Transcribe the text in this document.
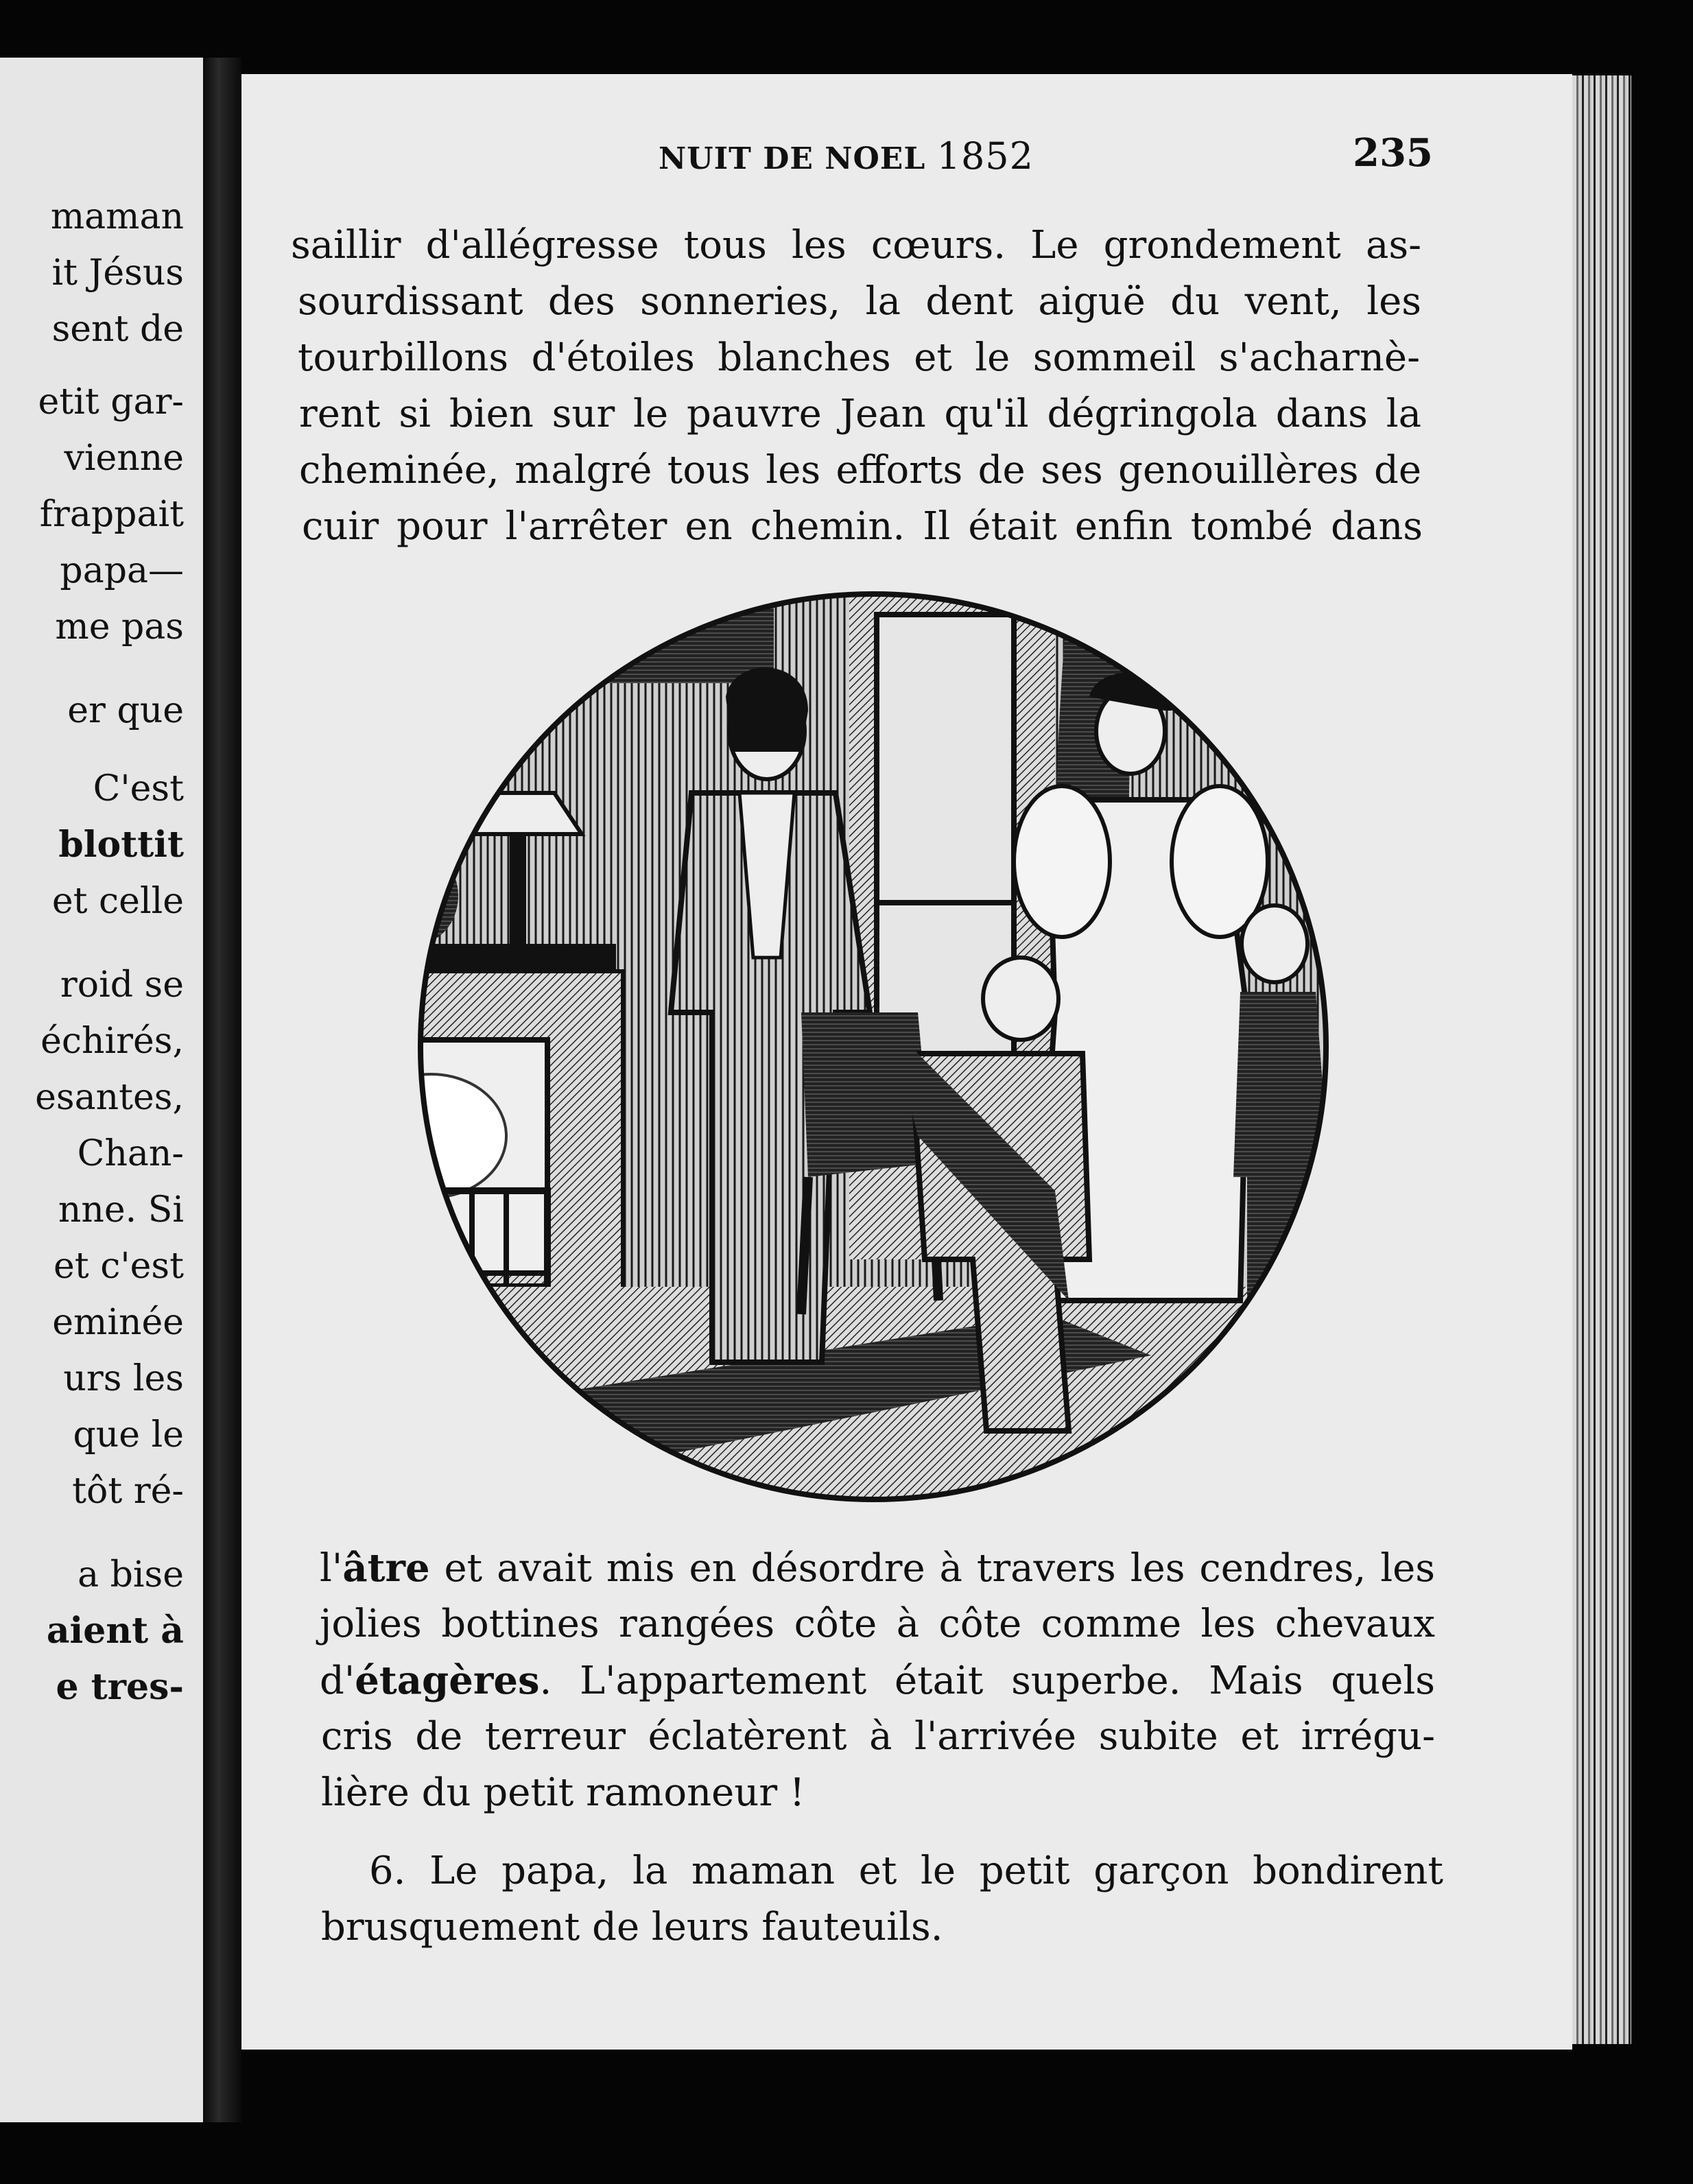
maman
it Jésus
sent de
etit gar-
vienne
frappait
papa—
me pas
er que
C'est
blottit
et celle
roid se
échirés,
esantes,
Chan-
nne. Si
et c'est
eminée
urs les
que le
tôt ré-
a bise
aient à
e tres-
NUIT DE NOEL 1852	235
saillir d'allégresse tous les cœurs. Le grondement as-
sourdissant des sonneries, la dent aiguë du vent, les
tourbillons d'étoiles blanches et le sommeil s'acharnè-
rent si bien sur le pauvre Jean qu'il dégringola dans la
cheminée, malgré tous les efforts de ses genouillères de
cuir pour l'arrêter en chemin. Il était enfin tombé dans
l'âtre et avait mis en désordre à travers les cendres, les
jolies bottines rangées côte à côte comme les chevaux
d'étagères. L'appartement était superbe. Mais quels
cris de terreur éclatèrent à l'arrivée subite et irrégu-
lière du petit ramoneur !
6. Le papa, la maman et le petit garçon bondirent
brusquement de leurs fauteuils.
